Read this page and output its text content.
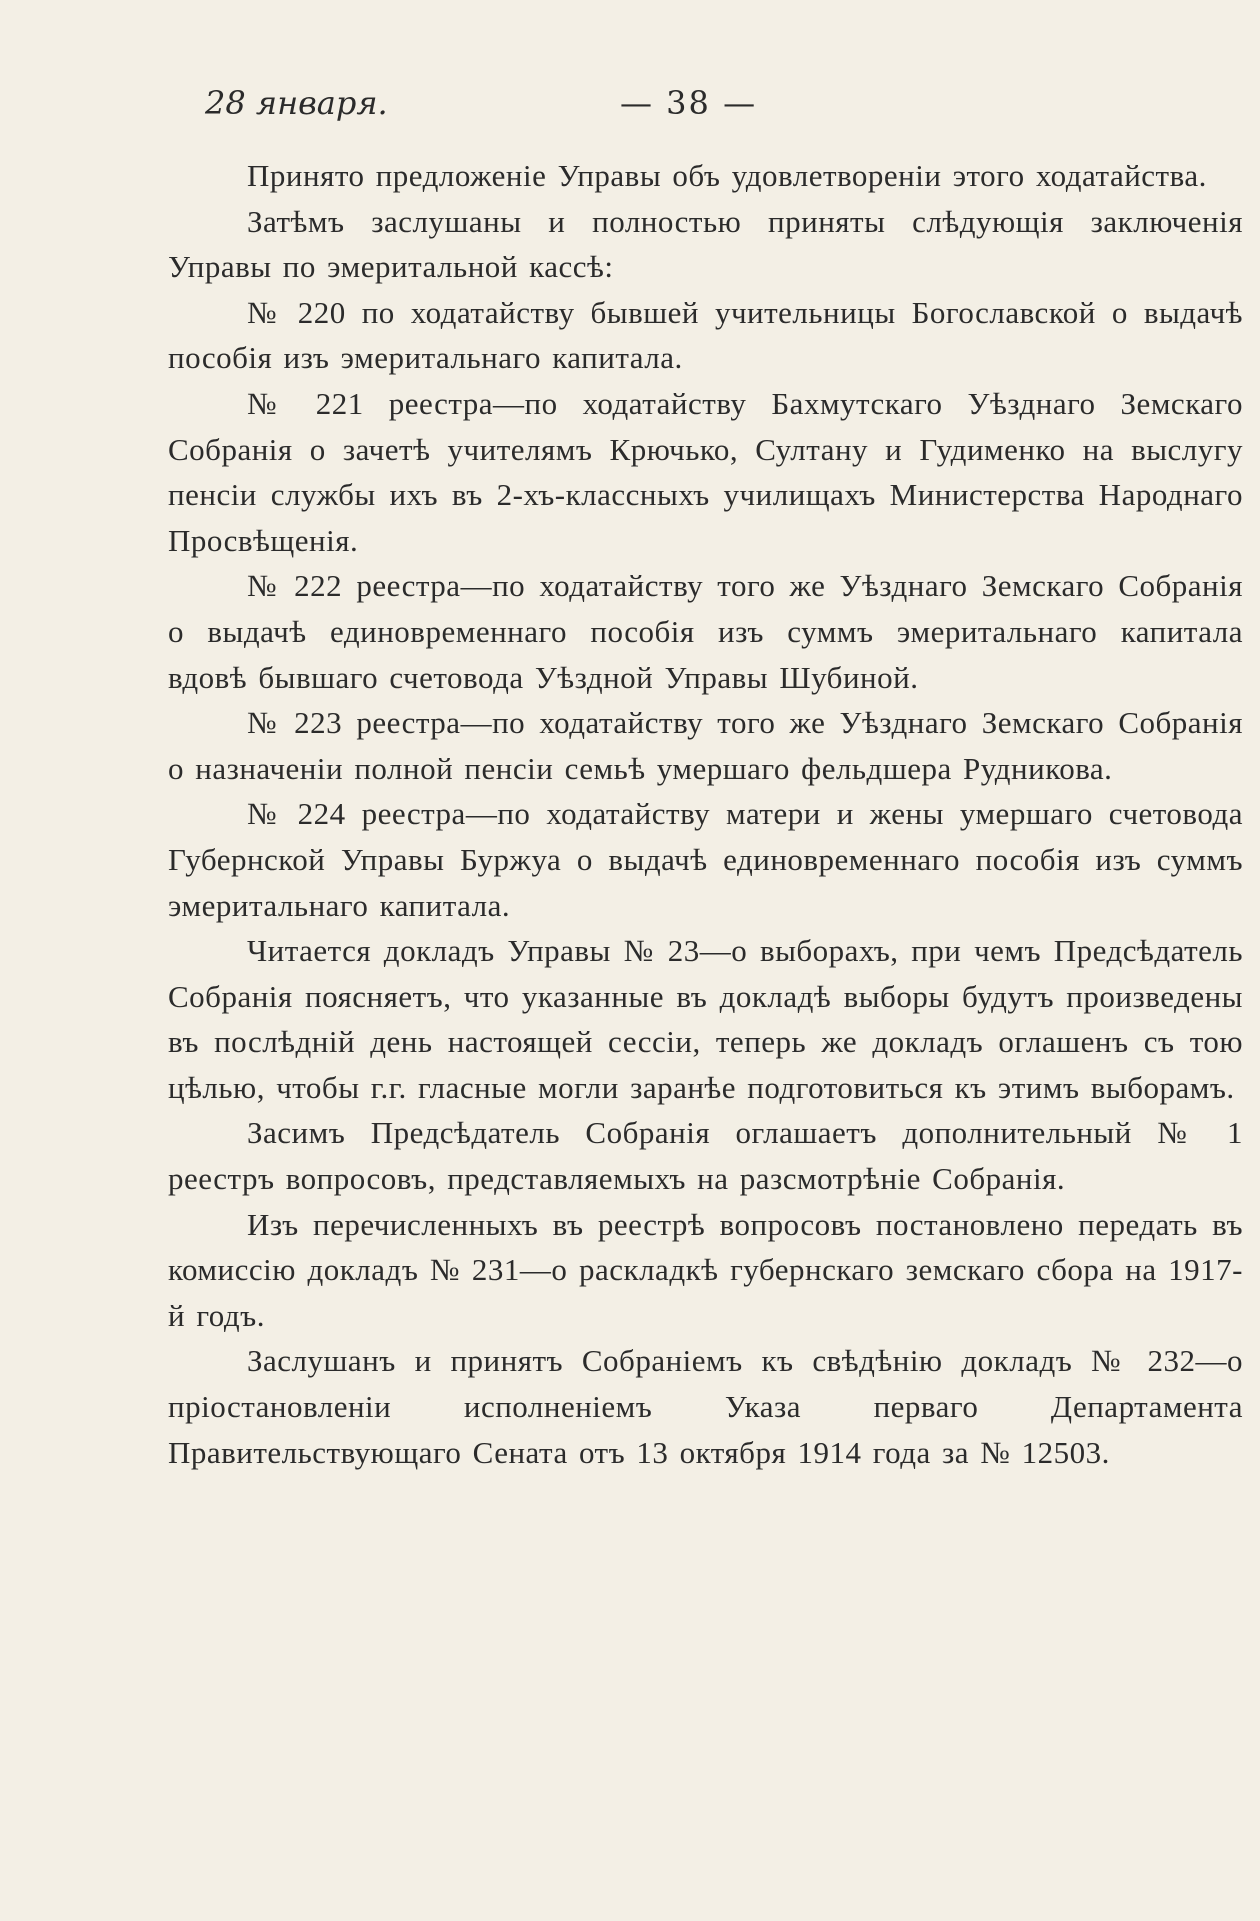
28 января.	— 38 —

Принято предложеніе Управы объ удовлетвореніи этого ходатайства.

Затѣмъ заслушаны и полностью приняты слѣдующія заключенія Управы по эмеритальной кассѣ:

№ 220 по ходатайству бывшей учительницы Богославской о выдачѣ пособія изъ эмеритальнаго капитала.

№ 221 реестра—по ходатайству Бахмутскаго Уѣзднаго Земскаго Собранія о зачетѣ учителямъ Крючько, Султану и Гудименко на выслугу пенсіи службы ихъ въ 2-хъ-классныхъ училищахъ Министерства Народнаго Просвѣщенія.

№ 222 реестра—по ходатайству того же Уѣзднаго Земскаго Собранія о выдачѣ единовременнаго пособія изъ суммъ эмеритальнаго капитала вдовѣ бывшаго счетовода Уѣздной Управы Шубиной.

№ 223 реестра—по ходатайству того же Уѣзднаго Земскаго Собранія о назначеніи полной пенсіи семьѣ умершаго фельдшера Рудникова.

№ 224 реестра—по ходатайству матери и жены умершаго счетовода Губернской Управы Буржуа о выдачѣ единовременнаго пособія изъ суммъ эмеритальнаго капитала.

Читается докладъ Управы № 23—о выборахъ, при чемъ Предсѣдатель Собранія поясняетъ, что указанные въ докладѣ выборы будутъ произведены въ послѣдній день настоящей сессіи, теперь же докладъ оглашенъ съ тою цѣлью, чтобы г.г. гласные могли заранѣе подготовиться къ этимъ выборамъ.

Засимъ Предсѣдатель Собранія оглашаетъ дополнительный № 1 реестръ вопросовъ, представляемыхъ на разсмотрѣніе Собранія.

Изъ перечисленныхъ въ реестрѣ вопросовъ постановлено передать въ комиссію докладъ № 231—о раскладкѣ губернскаго земскаго сбора на 1917-й годъ.

Заслушанъ и принятъ Собраніемъ къ свѣдѣнію докладъ № 232—о пріостановленіи исполненіемъ Указа перваго Департамента Правительствующаго Сената отъ 13 октября 1914 года за № 12503.
